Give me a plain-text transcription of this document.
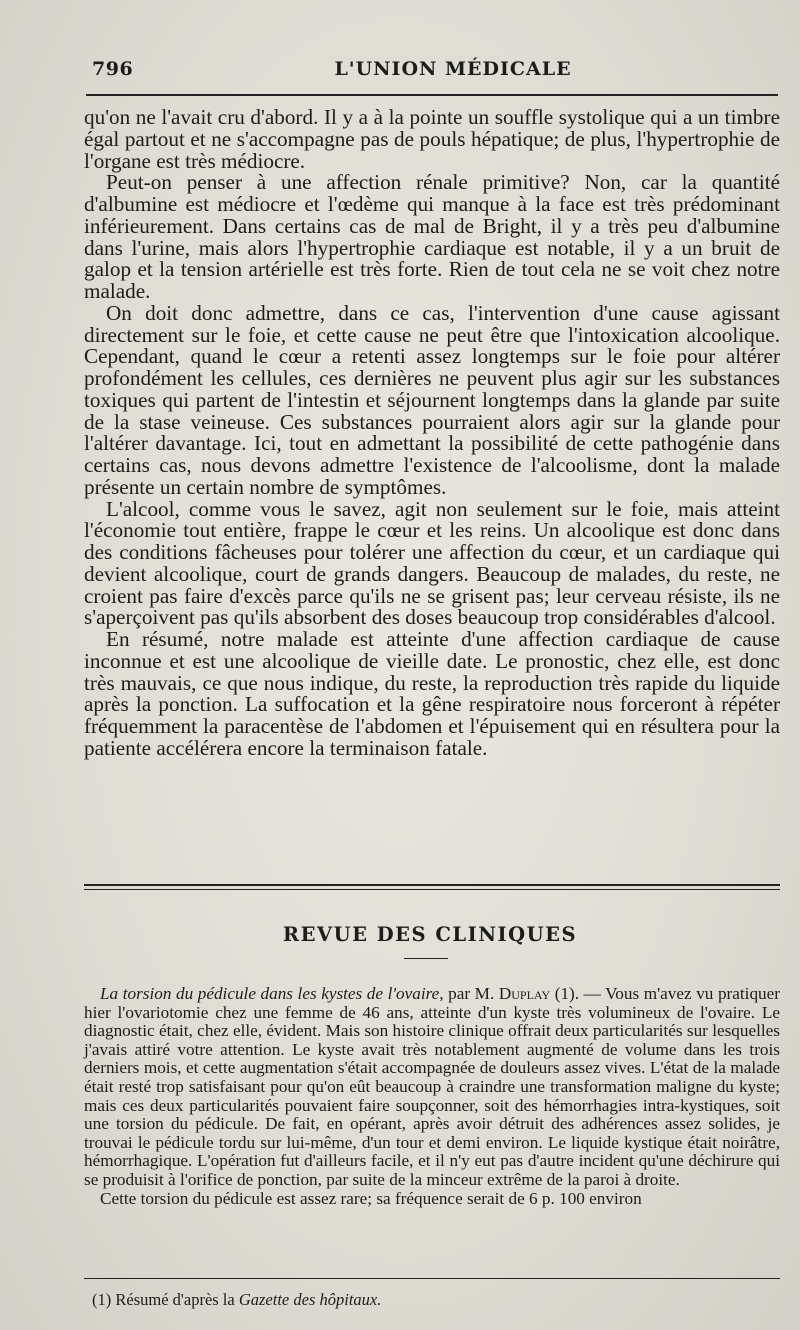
796	L'UNION MÉDICALE

qu'on ne l'avait cru d'abord. Il y a à la pointe un souffle systolique qui a un timbre égal partout et ne s'accompagne pas de pouls hépatique; de plus, l'hypertrophie de l'organe est très médiocre.

Peut-on penser à une affection rénale primitive? Non, car la quantité d'albumine est médiocre et l'œdème qui manque à la face est très prédominant inférieurement. Dans certains cas de mal de Bright, il y a très peu d'albumine dans l'urine, mais alors l'hypertrophie cardiaque est notable, il y a un bruit de galop et la tension artérielle est très forte. Rien de tout cela ne se voit chez notre malade.

On doit donc admettre, dans ce cas, l'intervention d'une cause agissant directement sur le foie, et cette cause ne peut être que l'intoxication alcoolique. Cependant, quand le cœur a retenti assez longtemps sur le foie pour altérer profondément les cellules, ces dernières ne peuvent plus agir sur les substances toxiques qui partent de l'intestin et séjournent longtemps dans la glande par suite de la stase veineuse. Ces substances pourraient alors agir sur la glande pour l'altérer davantage. Ici, tout en admettant la possibilité de cette pathogénie dans certains cas, nous devons admettre l'existence de l'alcoolisme, dont la malade présente un certain nombre de symptômes.

L'alcool, comme vous le savez, agit non seulement sur le foie, mais atteint l'économie tout entière, frappe le cœur et les reins. Un alcoolique est donc dans des conditions fâcheuses pour tolérer une affection du cœur, et un cardiaque qui devient alcoolique, court de grands dangers. Beaucoup de malades, du reste, ne croient pas faire d'excès parce qu'ils ne se grisent pas; leur cerveau résiste, ils ne s'aperçoivent pas qu'ils absorbent des doses beaucoup trop considérables d'alcool.

En résumé, notre malade est atteinte d'une affection cardiaque de cause inconnue et est une alcoolique de vieille date. Le pronostic, chez elle, est donc très mauvais, ce que nous indique, du reste, la reproduction très rapide du liquide après la ponction. La suffocation et la gêne respiratoire nous forceront à répéter fréquemment la paracentèse de l'abdomen et l'épuisement qui en résultera pour la patiente accélérera encore la terminaison fatale.

REVUE DES CLINIQUES

La torsion du pédicule dans les kystes de l'ovaire, par M. Duplay (1). — Vous m'avez vu pratiquer hier l'ovariotomie chez une femme de 46 ans, atteinte d'un kyste très volumineux de l'ovaire. Le diagnostic était, chez elle, évident. Mais son histoire clinique offrait deux particularités sur lesquelles j'avais attiré votre attention. Le kyste avait très notablement augmenté de volume dans les trois derniers mois, et cette augmentation s'était accompagnée de douleurs assez vives. L'état de la malade était resté trop satisfaisant pour qu'on eût beaucoup à craindre une transformation maligne du kyste; mais ces deux particularités pouvaient faire soupçonner, soit des hémorrhagies intra-kystiques, soit une torsion du pédicule. De fait, en opérant, après avoir détruit des adhérences assez solides, je trouvai le pédicule tordu sur lui-même, d'un tour et demi environ. Le liquide kystique était noirâtre, hémorrhagique. L'opération fut d'ailleurs facile, et il n'y eut pas d'autre incident qu'une déchirure qui se produisit à l'orifice de ponction, par suite de la minceur extrême de la paroi à droite.

Cette torsion du pédicule est assez rare; sa fréquence serait de 6 p. 100 environ

(1) Résumé d'après la Gazette des hôpitaux.
